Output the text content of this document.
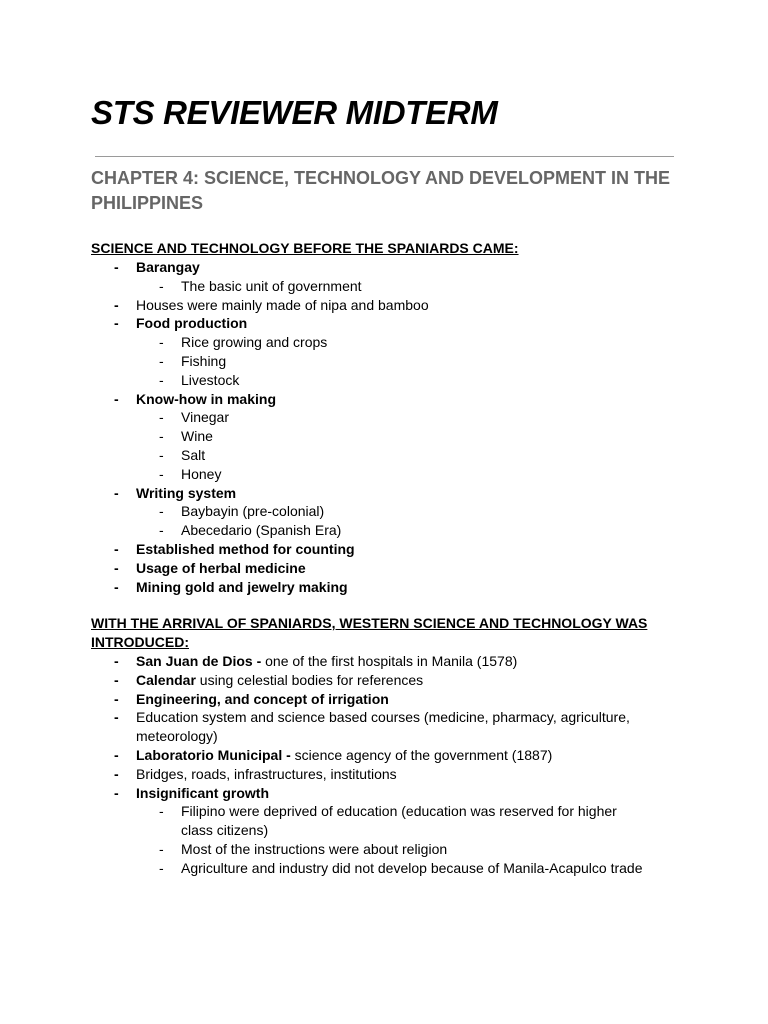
STS REVIEWER MIDTERM
CHAPTER 4: SCIENCE, TECHNOLOGY AND DEVELOPMENT IN THE PHILIPPINES

SCIENCE AND TECHNOLOGY BEFORE THE SPANIARDS CAME:

- Barangay
- The basic unit of government
- Houses were mainly made of nipa and bamboo
- Food production
- Rice growing and crops
- Fishing
- Livestock
- Know-how in making
- Vinegar
- Wine
- Salt
- Honey
- Writing system
- Baybayin (pre-colonial)
- Abecedario (Spanish Era)
- Established method for counting
- Usage of herbal medicine
- Mining gold and jewelry making

WITH THE ARRIVAL OF SPANIARDS, WESTERN SCIENCE AND TECHNOLOGY WAS INTRODUCED:

- San Juan de Dios - one of the first hospitals in Manila (1578)
- Calendar using celestial bodies for references
- Engineering, and concept of irrigation
- Education system and science based courses (medicine, pharmacy, agriculture, meteorology)
- Laboratorio Municipal - science agency of the government (1887)
- Bridges, roads, infrastructures, institutions
- Insignificant growth
- Filipino were deprived of education (education was reserved for higher class citizens)
- Most of the instructions were about religion
- Agriculture and industry did not develop because of Manila-Acapulco trade
